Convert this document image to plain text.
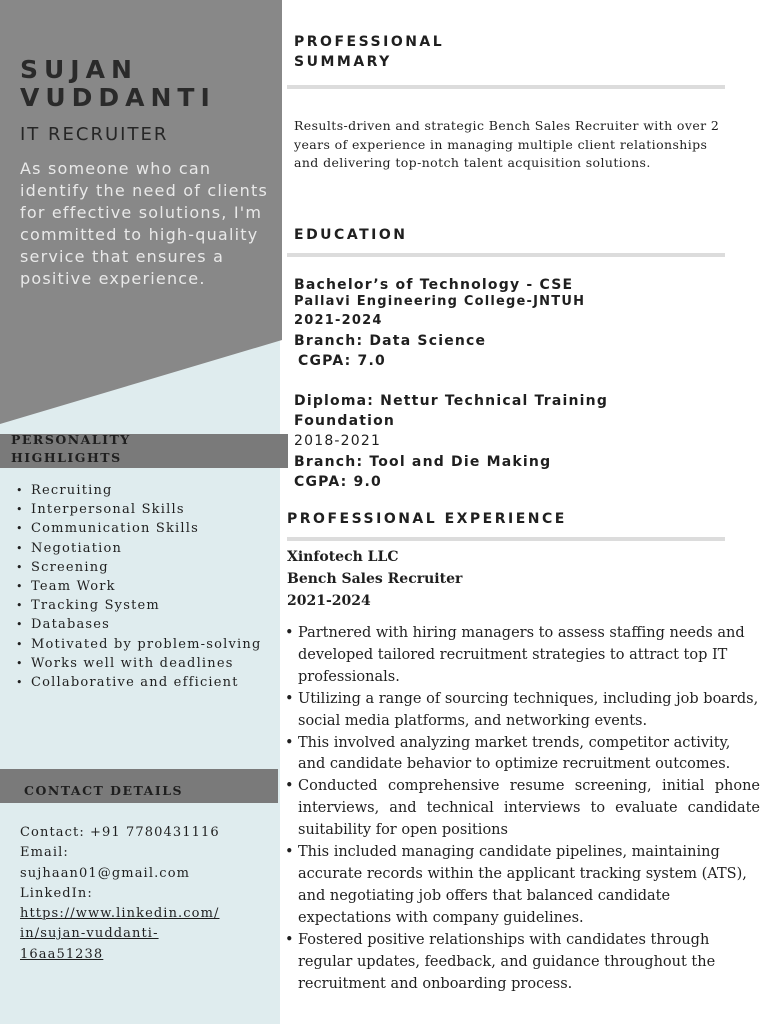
SUJAN
VUDDANTI
IT RECRUITER
As someone who can identify the need of clients for effective solutions, I'm committed to high-quality service that ensures a positive experience.
PERSONALITY HIGHLIGHTS
• Recruiting
• Interpersonal Skills
• Communication Skills
• Negotiation
• Screening
• Team Work
• Tracking System
• Databases
• Motivated by problem-solving
• Works well with deadlines
• Collaborative and efficient
CONTACT DETAILS
Contact: +91 7780431116
Email:
sujhaan01@gmail.com
LinkedIn:
https://www.linkedin.com/
in/sujan-vuddanti-
16aa51238
PROFESSIONAL SUMMARY
Results-driven and strategic Bench Sales Recruiter with over 2 years of experience in managing multiple client relationships and delivering top-notch talent acquisition solutions.
EDUCATION
Bachelor’s of Technology - CSE
Pallavi Engineering College-JNTUH
2021-2024
Branch: Data Science
CGPA: 7.0
Diploma: Nettur Technical Training Foundation
2018-2021
Branch: Tool and Die Making
CGPA: 9.0
PROFESSIONAL EXPERIENCE
Xinfotech LLC
Bench Sales Recruiter
2021-2024
• Partnered with hiring managers to assess staffing needs and developed tailored recruitment strategies to attract top IT professionals.
• Utilizing a range of sourcing techniques, including job boards, social media platforms, and networking events.
• This involved analyzing market trends, competitor activity, and candidate behavior to optimize recruitment outcomes.
• Conducted comprehensive resume screening, initial phone interviews, and technical interviews to evaluate candidate suitability for open positions
• This included managing candidate pipelines, maintaining accurate records within the applicant tracking system (ATS), and negotiating job offers that balanced candidate expectations with company guidelines.
• Fostered positive relationships with candidates through regular updates, feedback, and guidance throughout the recruitment and onboarding process.
